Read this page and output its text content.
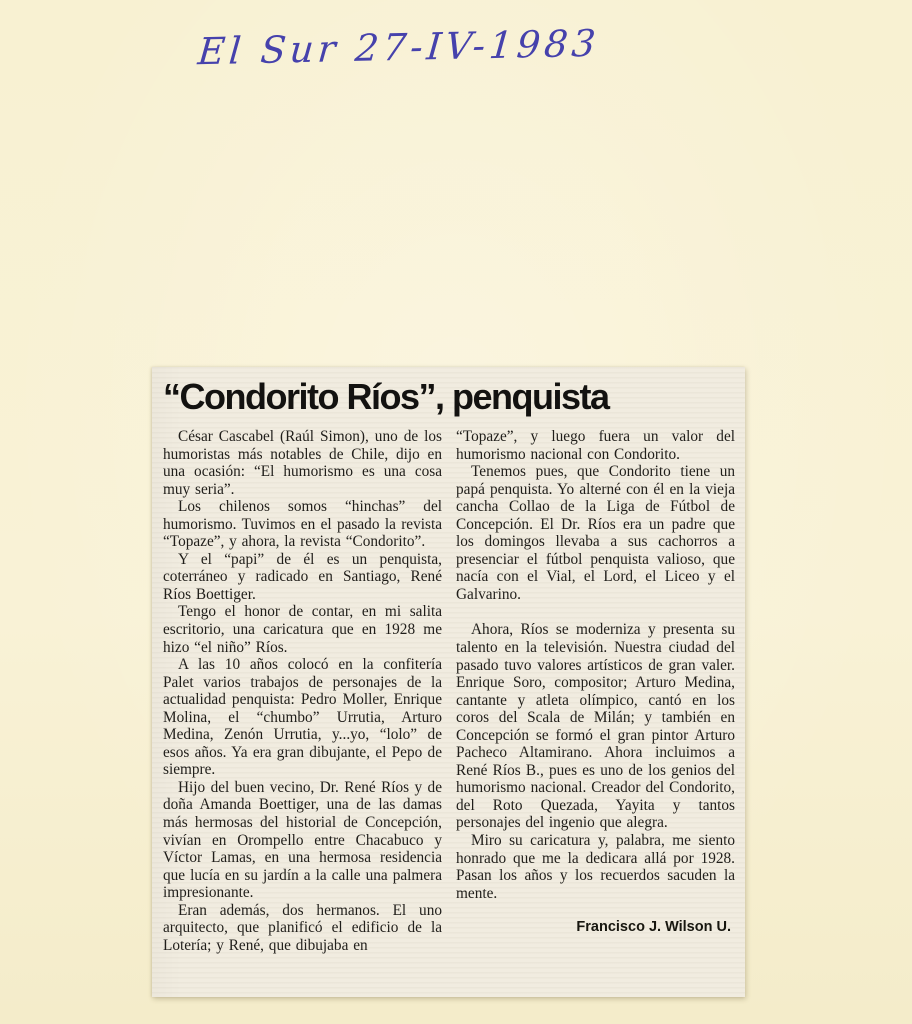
El Sur 27-IV-1983
“Condorito Ríos”, penquista

César Cascabel (Raúl Simon), uno de los humoristas más notables de Chile, dijo en una ocasión: “El humorismo es una cosa muy seria”.

Los chilenos somos “hinchas” del humorismo. Tuvimos en el pasado la revista “Topaze”, y ahora, la revista “Condorito”.

Y el “papi” de él es un penquista, coterráneo y radicado en Santiago, René Ríos Boettiger.

Tengo el honor de contar, en mi salita escritorio, una caricatura que en 1928 me hizo “el niño” Ríos.

A las 10 años colocó en la confitería Palet varios trabajos de personajes de la actualidad penquista: Pedro Moller, Enrique Molina, el “chumbo” Urrutia, Arturo Medina, Zenón Urrutia, y...yo, “lolo” de esos años. Ya era gran dibujante, el Pepo de siempre.

Hijo del buen vecino, Dr. René Ríos y de doña Amanda Boettiger, una de las damas más hermosas del historial de Concepción, vivían en Orompello entre Chacabuco y Víctor Lamas, en una hermosa residencia que lucía en su jardín a la calle una palmera impresionante.

Eran además, dos hermanos. El uno arquitecto, que planificó el edificio de la Lotería; y René, que dibujaba en

“Topaze”, y luego fuera un valor del humorismo nacional con Condorito.

Tenemos pues, que Condorito tiene un papá penquista. Yo alterné con él en la vieja cancha Collao de la Liga de Fútbol de Concepción. El Dr. Ríos era un padre que los domingos llevaba a sus cachorros a presenciar el fútbol penquista valioso, que nacía con el Vial, el Lord, el Liceo y el Galvarino.

Ahora, Ríos se moderniza y presenta su talento en la televisión. Nuestra ciudad del pasado tuvo valores artísticos de gran valer. Enrique Soro, compositor; Arturo Medina, cantante y atleta olímpico, cantó en los coros del Scala de Milán; y también en Concepción se formó el gran pintor Arturo Pacheco Altamirano. Ahora incluimos a René Ríos B., pues es uno de los genios del humorismo nacional. Creador del Condorito, del Roto Quezada, Yayita y tantos personajes del ingenio que alegra.

Miro su caricatura y, palabra, me siento honrado que me la dedicara allá por 1928. Pasan los años y los recuerdos sacuden la mente.

Francisco J. Wilson U.
